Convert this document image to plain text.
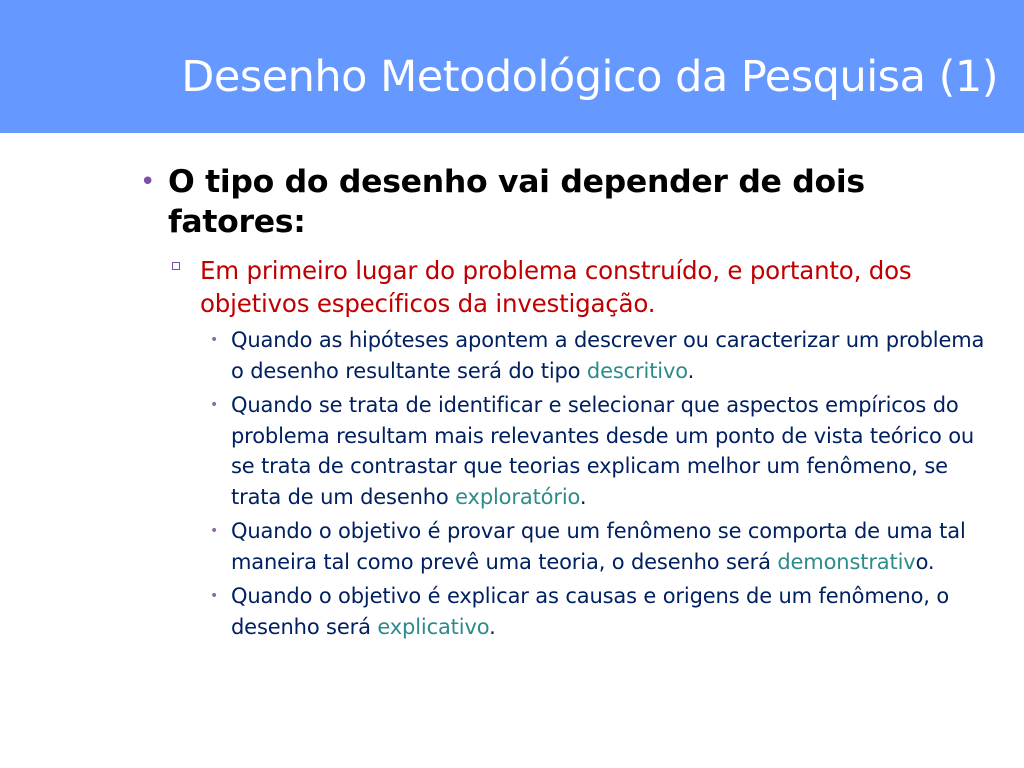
Desenho Metodológico da Pesquisa (1)
• O tipo do desenho vai depender de dois fatores:
Em primeiro lugar do problema construído, e portanto, dos objetivos específicos da investigação.
• Quando as hipóteses apontem a descrever ou caracterizar um problema o desenho resultante será do tipo descritivo.
• Quando se trata de identificar e selecionar que aspectos empíricos do problema resultam mais relevantes desde um ponto de vista teórico ou se trata de contrastar que teorias explicam melhor um fenômeno, se trata de um desenho exploratório.
• Quando o objetivo é provar que um fenômeno se comporta de uma tal maneira tal como prevê uma teoria, o desenho será demonstrativo.
• Quando o objetivo é explicar as causas e origens de um fenômeno, o desenho será explicativo.
